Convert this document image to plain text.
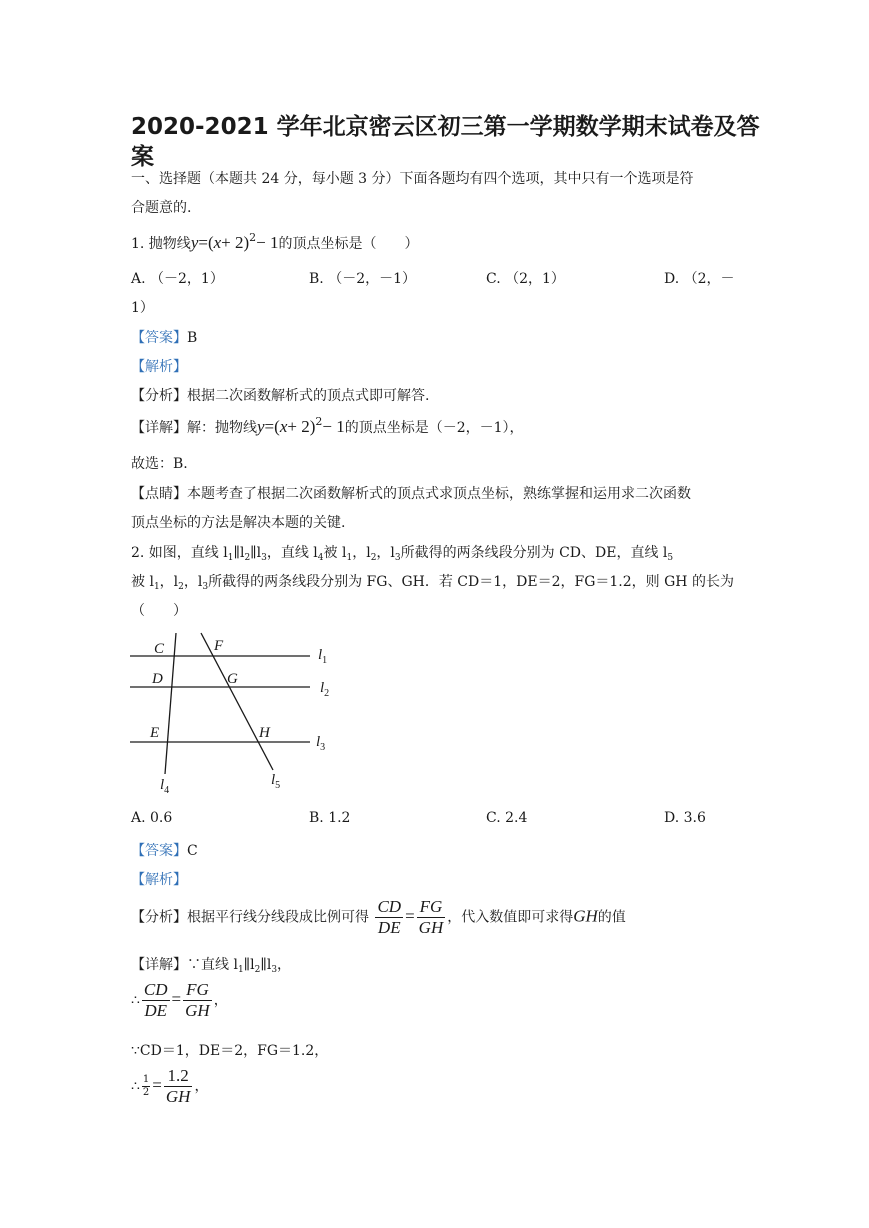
2020-2021 学年北京密云区初三第一学期数学期末试卷及答
案
一、选择题（本题共 24 分，每小题 3 分）下面各题均有四个选项，其中只有一个选项是符
合题意的.
1. 抛物线$y=(x+ 2)^2- 1$的顶点坐标是（　　）
A. （－2，1）	B. （－2，－1）	C. （2，1）	D. （2，－
1）
【答案】B
【解析】
【分析】根据二次函数解析式的顶点式即可解答.
【详解】解：抛物线$y=(x+ 2)^2- 1$的顶点坐标是（－2，－1），
故选：B.
【点睛】本题考查了根据二次函数解析式的顶点式求顶点坐标，熟练掌握和运用求二次函数
顶点坐标的方法是解决本题的关键.
2. 如图，直线 $l_1\parallel l_2\parallel l_3$，直线 $l_4$被 $l_1$，$l_2$，$l_3$所截得的两条线段分别为 CD、DE，直线 $l_5$
被 $l_1$，$l_2$，$l_3$所截得的两条线段分别为 FG、GH．若 CD＝1，DE＝2，FG＝1.2，则 GH 的长为
（　　）
C	F
D	G
E	H
$l_1$
$l_2$
$l_3$
$l_4$
$l_5$
A. 0.6	B. 1.2	C. 2.4	D. 3.6
【答案】C
【解析】
【分析】根据平行线分线段成比例可得 $\frac{CD}{DE} = \frac{FG}{GH}$ ，代入数值即可求得GH的值
【详解】∵直线 $l_1\parallel l_2\parallel l_3$，
∴ $\frac{CD}{DE} = \frac{FG}{GH}$ ，
∵CD＝1，DE＝2，FG＝1.2，
∴ $\frac{1}{2} = \frac{1.2}{GH}$ ，
